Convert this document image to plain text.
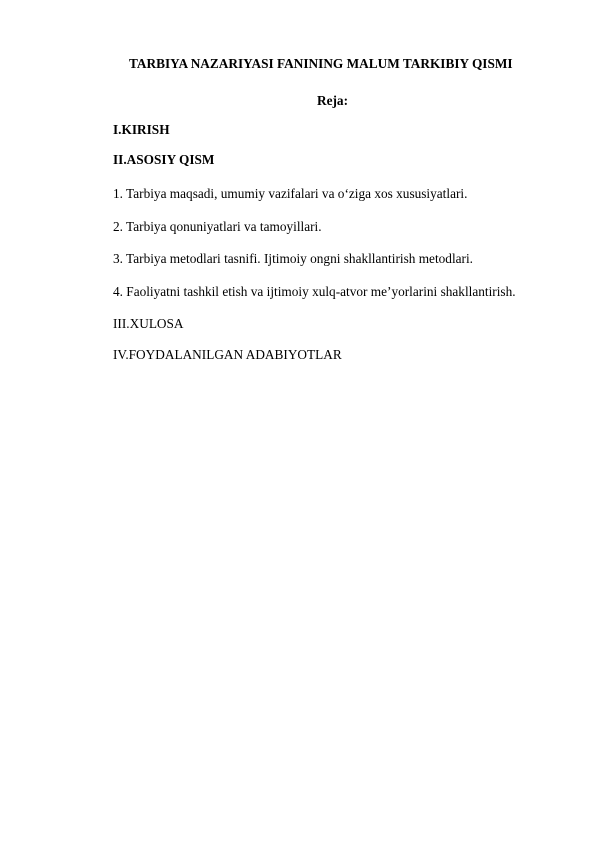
TARBIYA NAZARIYASI FANINING MALUM TARKIBIY QISMI
Reja:
I.KIRISH
II.ASOSIY QISM
1. Tarbiya maqsadi, umumiy vazifalari va o‘ziga xos xususiyatlari.
2. Tarbiya qonuniyatlari va tamoyillari.
3. Tarbiya metodlari tasnifi. Ijtimoiy ongni shakllantirish metodlari.
4. Faoliyatni tashkil etish va ijtimoiy xulq-atvor me’yorlarini shakllantirish.
III.XULOSA
IV.FOYDALANILGAN ADABIYOTLAR
